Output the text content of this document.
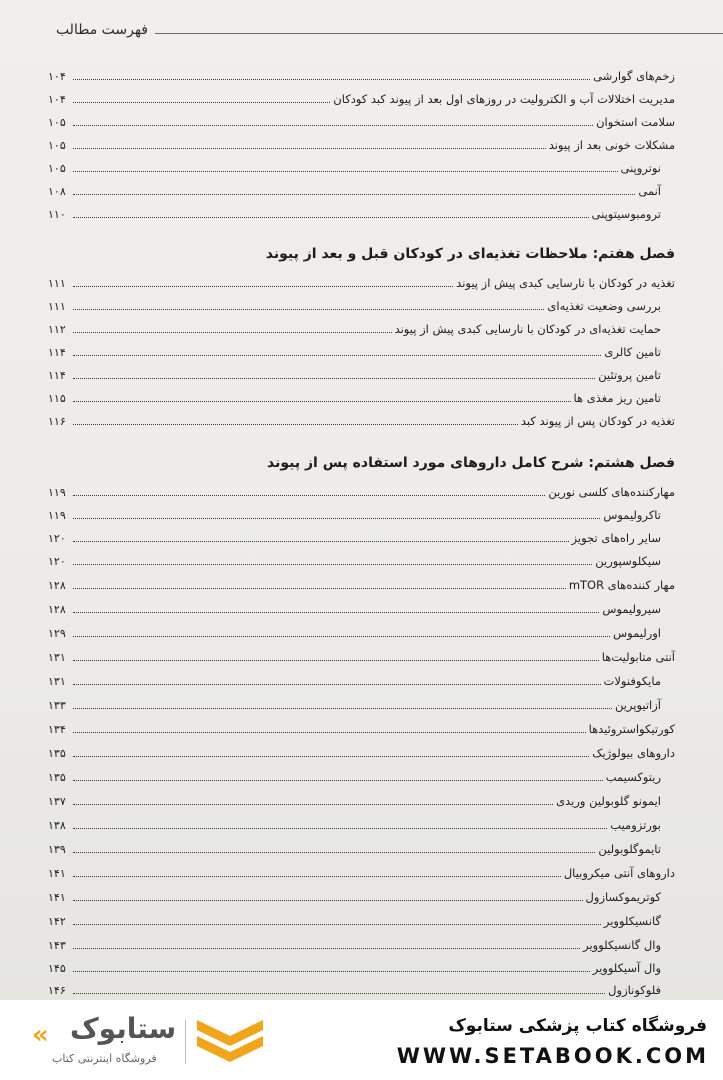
فهرست مطالب
زخم‌های گوارشی
۱۰۴
مدیریت اختلالات آب و الکترولیت در روزهای اول بعد از پیوند کبد کودکان
۱۰۴
سلامت استخوان
۱۰۵
مشکلات خونی بعد از پیوند
۱۰۵
نوتروپنی
۱۰۵
آنمی
۱۰۸
ترومبوسیتوپنی
۱۱۰
فصل هفتم: ملاحظات تغذیه‌ای در کودکان قبل و بعد از پیوند
تغذیه در کودکان با نارسایی کبدی پیش از پیوند
۱۱۱
بررسی وضعیت تغذیه‌ای
۱۱۱
حمایت تغذیه‌ای در کودکان با نارسایی کبدی پیش از پیوند
۱۱۲
تامین کالری
۱۱۴
تامین پروتئین
۱۱۴
تامین ریز مغذی ها
۱۱۵
تغذیه در کودکان پس از پیوند کبد
۱۱۶
فصل هشتم: شرح کامل داروهای مورد استفاده پس از پیوند
مهارکننده‌های کلسی نورین
۱۱۹
تاکرولیموس
۱۱۹
سایر راه‌های تجویز
۱۲۰
سیکلوسپورین
۱۲۰
مهار کننده‌های mTOR
۱۲۸
سیرولیموس
۱۲۸
اورلیموس
۱۲۹
آنتی متابولیت‌ها
۱۳۱
مایکوفنولات
۱۳۱
آزاتیوپرین
۱۳۳
کورتیکواستروئیدها
۱۳۴
داروهای بیولوژیک
۱۳۵
ریتوکسیمب
۱۳۵
ایمونو گلوبولین وریدی
۱۳۷
بورتزومیب
۱۳۸
تایموگلوبولین
۱۳۹
داروهای آنتی میکروبیال
۱۴۱
کوتریموکسازول
۱۴۱
گانسیکلوویر
۱۴۲
وال گانسیکلوویر
۱۴۳
وال آسیکلوویر
۱۴۵
فلوکونازول
۱۴۶
« ستابوک
فروشگاه اینترنتی کتاب
فروشگاه کتاب پزشکی ستابوک
WWW.SETABOOK.COM
